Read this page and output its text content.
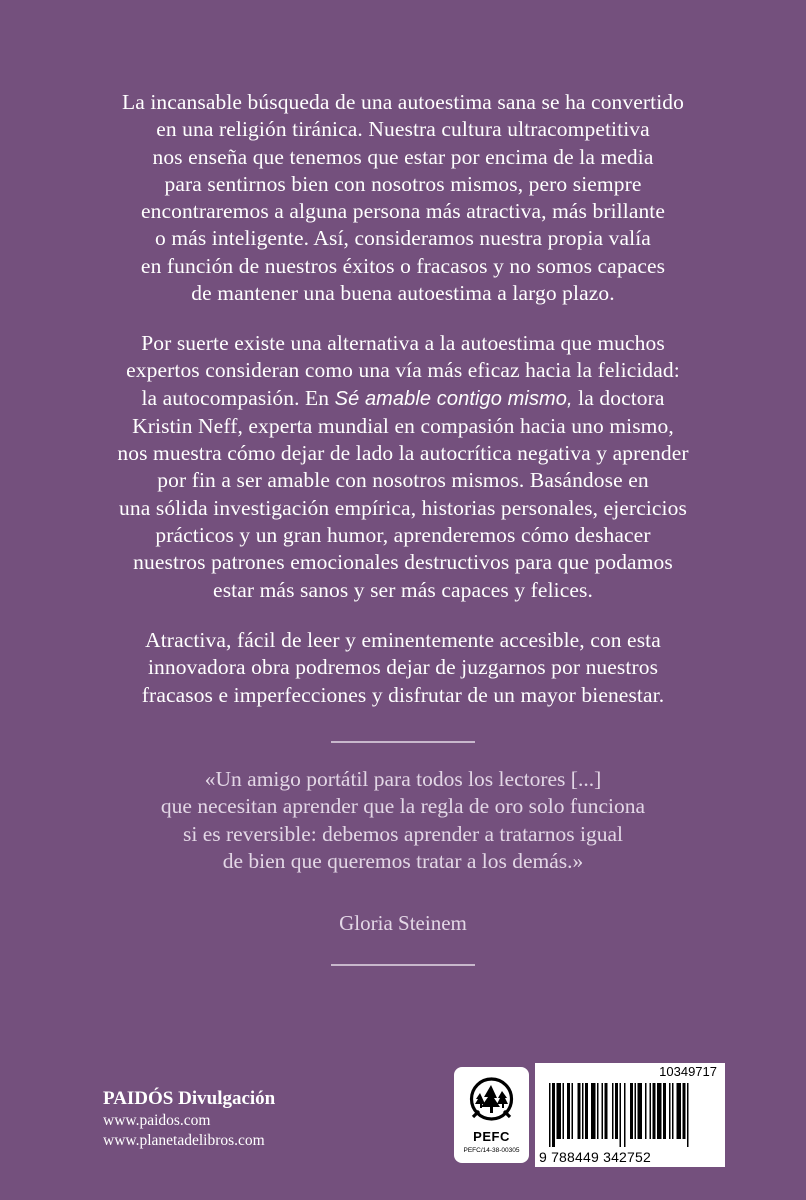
La incansable búsqueda de una autoestima sana se ha convertido
en una religión tiránica. Nuestra cultura ultracompetitiva
nos enseña que tenemos que estar por encima de la media
para sentirnos bien con nosotros mismos, pero siempre
encontraremos a alguna persona más atractiva, más brillante
o más inteligente. Así, consideramos nuestra propia valía
en función de nuestros éxitos o fracasos y no somos capaces
de mantener una buena autoestima a largo plazo.
Por suerte existe una alternativa a la autoestima que muchos
expertos consideran como una vía más eficaz hacia la felicidad:
la autocompasión. En Sé amable contigo mismo, la doctora
Kristin Neff, experta mundial en compasión hacia uno mismo,
nos muestra cómo dejar de lado la autocrítica negativa y aprender
por fin a ser amable con nosotros mismos. Basándose en
una sólida investigación empírica, historias personales, ejercicios
prácticos y un gran humor, aprenderemos cómo deshacer
nuestros patrones emocionales destructivos para que podamos
estar más sanos y ser más capaces y felices.
Atractiva, fácil de leer y eminentemente accesible, con esta
innovadora obra podremos dejar de juzgarnos por nuestros
fracasos e imperfecciones y disfrutar de un mayor bienestar.
«Un amigo portátil para todos los lectores [...]
que necesitan aprender que la regla de oro solo funciona
si es reversible: debemos aprender a tratarnos igual
de bien que queremos tratar a los demás.»
Gloria Steinem
PAIDÓS Divulgación
www.paidos.com
www.planetadelibros.com	PEFC
PEFC/14-38-00305
10349717
9 788449 342752
